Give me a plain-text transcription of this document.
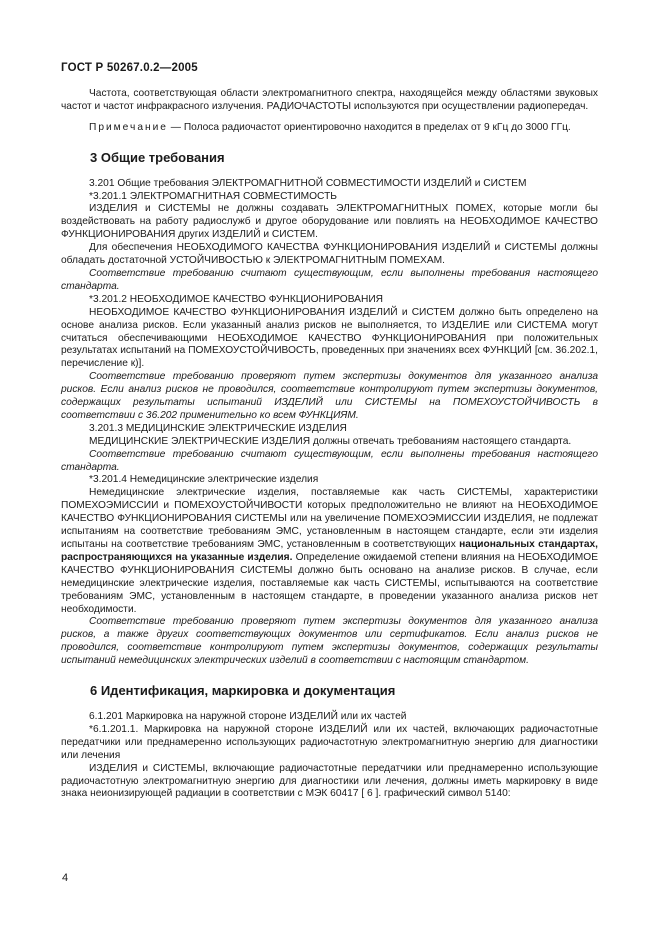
ГОСТ Р 50267.0.2—2005

Частота, соответствующая области электромагнитного спектра, находящейся между областями звуковых частот и частот инфракрасного излучения. РАДИОЧАСТОТЫ используются при осуществлении радиопередач.

Примечание — Полоса радиочастот ориентировочно находится в пределах от 9 кГц до 3000 ГГц.

3 Общие требования

3.201 Общие требования ЭЛЕКТРОМАГНИТНОЙ СОВМЕСТИМОСТИ ИЗДЕЛИЙ и СИСТЕМ

*3.201.1 ЭЛЕКТРОМАГНИТНАЯ СОВМЕСТИМОСТЬ

ИЗДЕЛИЯ и СИСТЕМЫ не должны создавать ЭЛЕКТРОМАГНИТНЫХ ПОМЕХ, которые могли бы воздействовать на работу радиослужб и другое оборудование или повлиять на НЕОБХОДИМОЕ КАЧЕСТВО ФУНКЦИОНИРОВАНИЯ других ИЗДЕЛИЙ и СИСТЕМ.

Для обеспечения НЕОБХОДИМОГО КАЧЕСТВА ФУНКЦИОНИРОВАНИЯ ИЗДЕЛИЙ и СИСТЕМЫ должны обладать достаточной УСТОЙЧИВОСТЬЮ к ЭЛЕКТРОМАГНИТНЫМ ПОМЕХАМ.

Соответствие требованию считают существующим, если выполнены требования настоящего стандарта.

*3.201.2 НЕОБХОДИМОЕ КАЧЕСТВО ФУНКЦИОНИРОВАНИЯ

НЕОБХОДИМОЕ КАЧЕСТВО ФУНКЦИОНИРОВАНИЯ ИЗДЕЛИЙ и СИСТЕМ должно быть определено на основе анализа рисков. Если указанный анализ рисков не выполняется, то ИЗДЕЛИЕ или СИСТЕМА могут считаться обеспечивающими НЕОБХОДИМОЕ КАЧЕСТВО ФУНКЦИОНИРОВАНИЯ при положительных результатах испытаний на ПОМЕХОУСТОЙЧИВОСТЬ, проведенных при значениях всех ФУНКЦИЙ [см. 36.202.1, перечисление к)].

Соответствие требованию проверяют путем экспертизы документов для указанного анализа рисков. Если анализ рисков не проводился, соответствие контролируют путем экспертизы документов, содержащих результаты испытаний ИЗДЕЛИЙ или СИСТЕМЫ на ПОМЕХОУСТОЙЧИВОСТЬ в соответствии с 36.202 применительно ко всем ФУНКЦИЯМ.

3.201.3 МЕДИЦИНСКИЕ ЭЛЕКТРИЧЕСКИЕ ИЗДЕЛИЯ

МЕДИЦИНСКИЕ ЭЛЕКТРИЧЕСКИЕ ИЗДЕЛИЯ должны отвечать требованиям настоящего стандарта.

Соответствие требованию считают существующим, если выполнены требования настоящего стандарта.

*3.201.4 Немедицинские электрические изделия

Немедицинские электрические изделия, поставляемые как часть СИСТЕМЫ, характеристики ПОМЕХОЭМИССИИ и ПОМЕХОУСТОЙЧИВОСТИ которых предположительно не влияют на НЕОБХОДИМОЕ КАЧЕСТВО ФУНКЦИОНИРОВАНИЯ СИСТЕМЫ или на увеличение ПОМЕХОЭМИССИИ ИЗДЕЛИЯ, не подлежат испытаниям на соответствие требованиям ЭМС, установленным в настоящем стандарте, если эти изделия испытаны на соответствие требованиям ЭМС, установленным в соответствующих национальных стандартах, распространяющихся на указанные изделия. Определение ожидаемой степени влияния на НЕОБХОДИМОЕ КАЧЕСТВО ФУНКЦИОНИРОВАНИЯ СИСТЕМЫ должно быть основано на анализе рисков. В случае, если немедицинские электрические изделия, поставляемые как часть СИСТЕМЫ, испытываются на соответствие требованиям ЭМС, установленным в настоящем стандарте, в проведении указанного анализа рисков нет необходимости.

Соответствие требованию проверяют путем экспертизы документов для указанного анализа рисков, а также других соответствующих документов или сертификатов. Если анализ рисков не проводился, соответствие контролируют путем экспертизы документов, содержащих результаты испытаний немедицинских электрических изделий в соответствии с настоящим стандартом.

6 Идентификация, маркировка и документация

6.1.201 Маркировка на наружной стороне ИЗДЕЛИЙ или их частей

*6.1.201.1. Маркировка на наружной стороне ИЗДЕЛИЙ или их частей, включающих радиочастотные передатчики или преднамеренно использующих радиочастотную электромагнитную энергию для диагностики или лечения

ИЗДЕЛИЯ и СИСТЕМЫ, включающие радиочастотные передатчики или преднамеренно использующие радиочастотную электромагнитную энергию для диагностики или лечения, должны иметь маркировку в виде знака неионизирующей радиации в соответствии с МЭК 60417 [ 6 ]. графический символ 5140:

4
